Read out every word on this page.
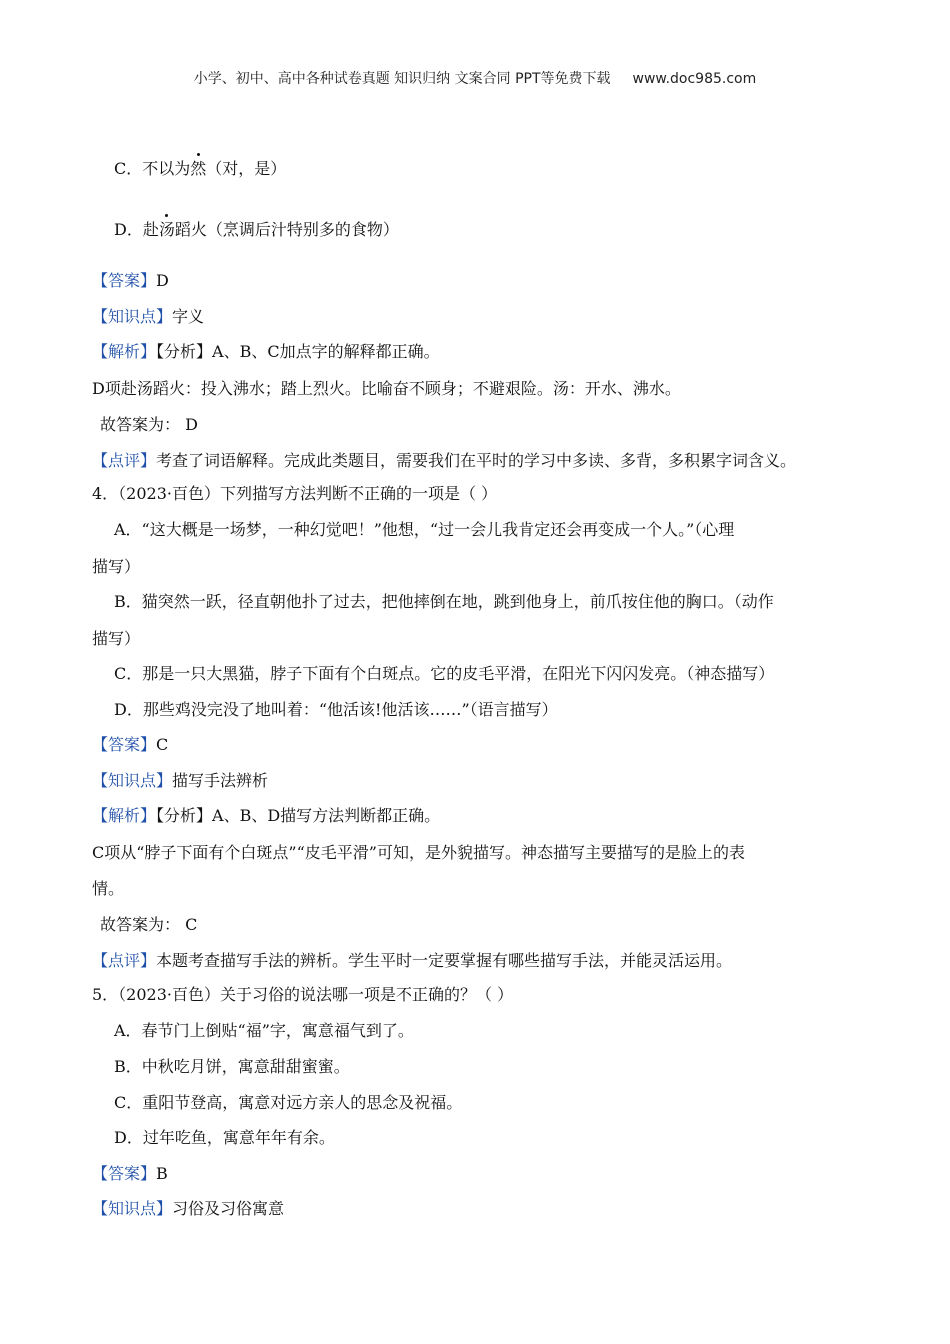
小学、初中、高中各种试卷真题 知识归纳 文案合同 PPT等免费下载 www.doc985.com
C．不以为然（对，是）
D．赴汤蹈火（烹调后汁特别多的食物）
【答案】D
【知识点】字义
【解析】【分析】A、B、C加点字的解释都正确。
D项赴汤蹈火：投入沸水；踏上烈火。比喻奋不顾身；不避艰险。汤：开水、沸水。
故答案为： D
【点评】考查了词语解释。完成此类题目，需要我们在平时的学习中多读、多背，多积累字词含义。
4．（2023·百色）下列描写方法判断不正确的一项是（ ）
A．“这大概是一场梦，一种幻觉吧！”他想，“过一会儿我肯定还会再变成一个人。”（心理
描写）
B．猫突然一跃，径直朝他扑了过去，把他摔倒在地，跳到他身上，前爪按住他的胸口。（动作
描写）
C．那是一只大黑猫，脖子下面有个白斑点。它的皮毛平滑，在阳光下闪闪发亮。（神态描写）
D．那些鸡没完没了地叫着：“他活该!他活该……”（语言描写）
【答案】C
【知识点】描写手法辨析
【解析】【分析】A、B、D描写方法判断都正确。
C项从“脖子下面有个白斑点”“皮毛平滑”可知，是外貌描写。神态描写主要描写的是脸上的表
情。
故答案为： C
【点评】本题考查描写手法的辨析。学生平时一定要掌握有哪些描写手法，并能灵活运用。
5．（2023·百色）关于习俗的说法哪一项是不正确的？（ ）
A．春节门上倒贴“福”字，寓意福气到了。
B．中秋吃月饼，寓意甜甜蜜蜜。
C．重阳节登高，寓意对远方亲人的思念及祝福。
D．过年吃鱼，寓意年年有余。
【答案】B
【知识点】习俗及习俗寓意
